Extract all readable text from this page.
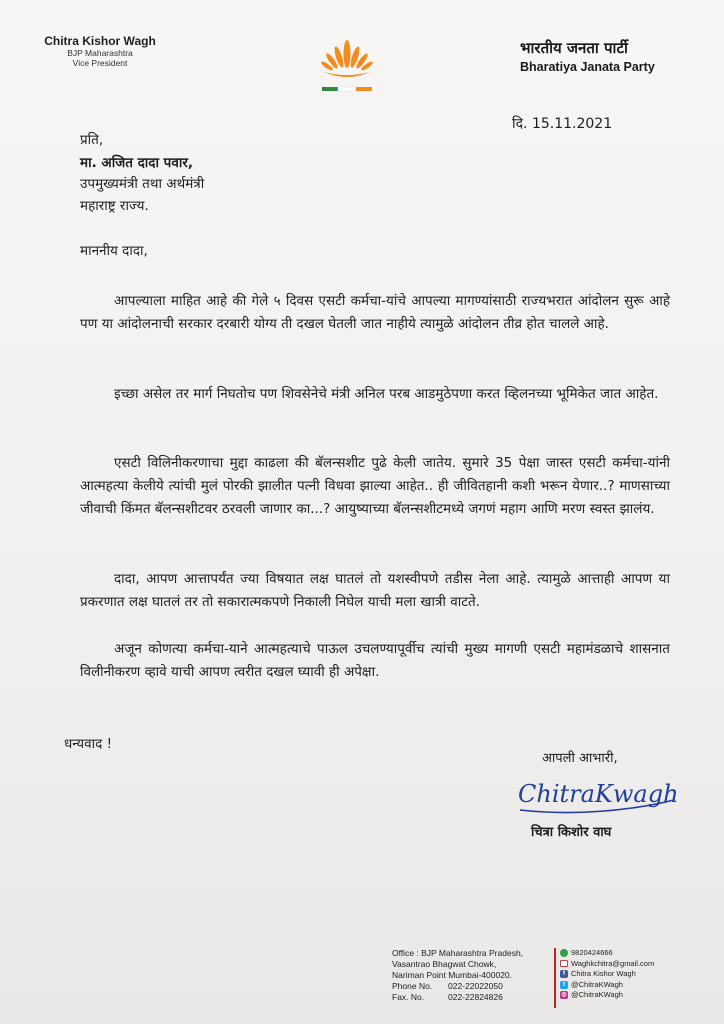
Chitra Kishor Wagh
BJP Maharashtra
Vice President
भारतीय जनता पार्टी
Bharatiya Janata Party
दि. 15.11.2021
प्रति,
मा. अजित दादा पवार,
उपमुख्यमंत्री तथा अर्थमंत्री
महाराष्ट्र राज्य.
माननीय दादा,

आपल्याला माहित आहे की गेले ५ दिवस एसटी कर्मचा-यांचे आपल्या मागण्यांसाठी राज्यभरात आंदोलन सुरू आहे पण या आंदोलनाची सरकार दरबारी योग्य ती दखल घेतली जात नाहीये त्यामुळे आंदोलन तीव्र होत चालले आहे.

इच्छा असेल तर मार्ग निघतोच पण शिवसेनेचे मंत्री अनिल परब आडमुठेपणा करत व्हिलनच्या भूमिकेत जात आहेत.

एसटी विलिनीकरणाचा मुद्दा काढला की बॅलन्सशीट पुढे केली जातेय. सुमारे 35 पेक्षा जास्त एसटी कर्मचा-यांनी आत्महत्या केलीये त्यांची मुलं पोरकी झालीत पत्नी विधवा झाल्या आहेत.. ही जीवितहानी कशी भरून येणार..? माणसाच्या जीवाची किंमत बॅलन्सशीटवर ठरवली जाणार का...? आयुष्याच्या बॅलन्सशीटमध्ये जगणं महाग आणि मरण स्वस्त झालंय.

दादा, आपण आत्तापर्यंत ज्या विषयात लक्ष घातलं तो यशस्वीपणे तडीस नेला आहे. त्यामुळे आत्ताही आपण या प्रकरणात लक्ष घातलं तर तो सकारात्मकपणे निकाली निघेल याची मला खात्री वाटते.

अजून कोणत्या कर्मचा-याने आत्महत्याचे पाऊल उचलण्यापूर्वीच त्यांची मुख्य मागणी एसटी महामंडळाचे शासनात विलीनीकरण व्हावे याची आपण त्वरीत दखल घ्यावी ही अपेक्षा.

धन्यवाद !
आपली आभारी,
ChitraKwagh
चित्रा किशोर वाघ
Office : BJP Maharashtra Pradesh,
Vasantrao Bhagwat Chowk,
Nariman Point Mumbai-400020.
Phone No.	022-22022050
Fax. No.	022-22824826
9820424666
Waghkchitra@gmail.com
f Chitra Kishor Wagh
t @ChitraKWagh
◎ @ChitraKWagh
